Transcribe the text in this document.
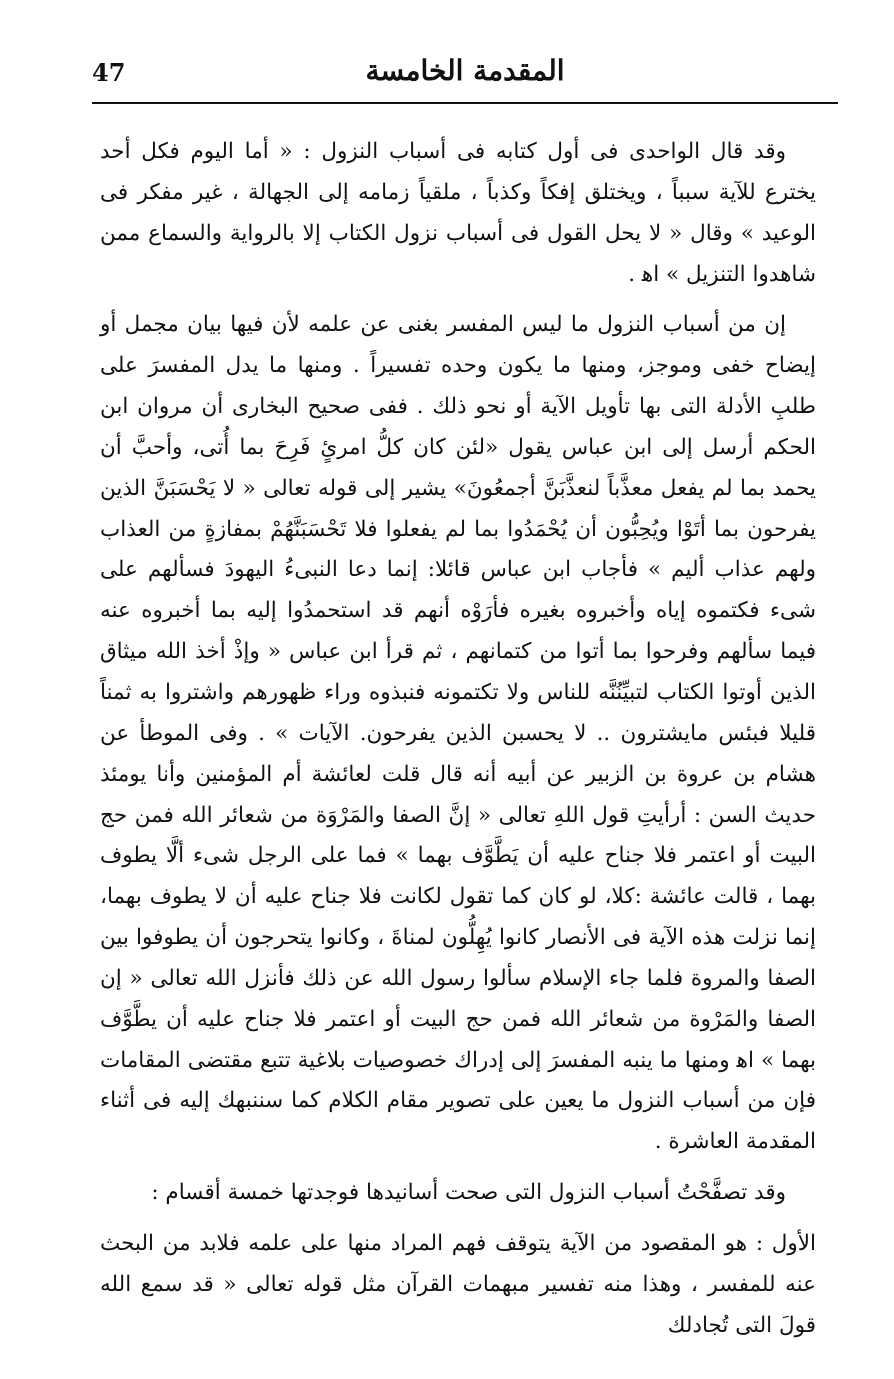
47	المقدمة الخامسة

وقد قال الواحدى فى أول كتابه فى أسباب النزول : « أما اليوم فكل أحد يخترع للآية سبباً ، ويختلق إفكاً وكذباً ، ملقياً زمامه إلى الجهالة ، غير مفكر فى الوعيد » وقال « لا يحل القول فى أسباب نزول الكتاب إلا بالرواية والسماع ممن شاهدوا التنزيل » اﻫ .

إن من أسباب النزول ما ليس المفسر بغنى عن علمه لأن فيها بيان مجمل أو إيضاح خفى وموجز، ومنها ما يكون وحده تفسيراً . ومنها ما يدل المفسرَ على طلبِ الأدلة التى بها تأويل الآية أو نحو ذلك . ففى صحيح البخارى أن مروان ابن الحكم أرسل إلى ابن عباس يقول «لئن كان كلُّ امرئٍ فَرِحَ بما أُتى، وأحبَّ أن يحمد بما لم يفعل معذَّباً لنعذَّبَنَّ أجمعُونَ» يشير إلى قوله تعالى « لا يَحْسَبَنَّ الذين يفرحون بما أتَوْا ويُحِبُّون أن يُحْمَدُوا بما لم يفعلوا فلا تَحْسَبَنَّهُمْ بمفازةٍ من العذاب ولهم عذاب أليم » فأجاب ابن عباس قائلا: إنما دعا النبىءُ اليهودَ فسألهم على شىء فكتموه إياه وأخبروه بغيره فأرَوْه أنهم قد استحمدُوا إليه بما أخبروه عنه فيما سألهم وفرحوا بما أتوا من كتمانهم ، ثم قرأ ابن عباس « وإذْ أخذ الله ميثاق الذين أوتوا الكتاب لتبيِّنُنَّه للناس ولا تكتمونه فنبذوه وراء ظهورهم واشتروا به ثمناً قليلا فبئس مايشترون .. لا يحسبن الذين يفرحون. الآيات » . وفى الموطأ عن هشام بن عروة بن الزبير عن أبيه أنه قال قلت لعائشة أم المؤمنين وأنا يومئذ حديث السن : أرأيتِ قول اللهِ تعالى « إنَّ الصفا والمَرْوَة من شعائر الله فمن حج البيت أو اعتمر فلا جناح عليه أن يَطَّوَّف بهما » فما على الرجل شىء ألَّا يطوف بهما ، قالت عائشة :كلا، لو كان كما تقول لكانت فلا جناح عليه أن لا يطوف بهما، إنما نزلت هذه الآية فى الأنصار كانوا يُهِلُّون لمناةَ ، وكانوا يتحرجون أن يطوفوا بين الصفا والمروة فلما جاء الإسلام سألوا رسول الله عن ذلك فأنزل الله تعالى « إن الصفا والمَرْوة من شعائر الله فمن حج البيت أو اعتمر فلا جناح عليه أن يطَّوَّف بهما » اﻫ ومنها ما ينبه المفسرَ إلى إدراك خصوصيات بلاغية تتبع مقتضى المقامات فإن من أسباب النزول ما يعين على تصوير مقام الكلام كما سننبهك إليه فى أثناء المقدمة العاشرة .

وقد تصفَّحْتُ أسباب النزول التى صحت أسانيدها فوجدتها خمسة أقسام :

الأول : هو المقصود من الآية يتوقف فهم المراد منها على علمه فلابد من البحث عنه للمفسر ، وهذا منه تفسير مبهمات القرآن مثل قوله تعالى « قد سمع الله قولَ التى تُجادلك
